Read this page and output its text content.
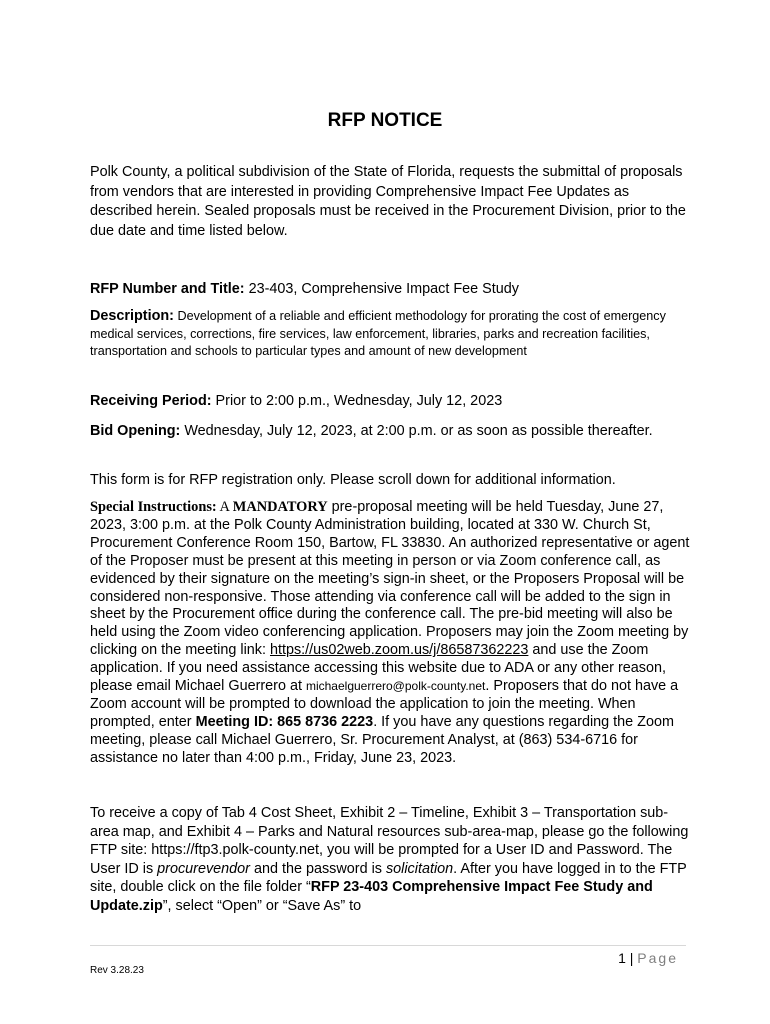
RFP NOTICE
Polk County, a political subdivision of the State of Florida, requests the submittal of proposals from vendors that are interested in providing Comprehensive Impact Fee Updates as described herein. Sealed proposals must be received in the Procurement Division, prior to the due date and time listed below.
RFP Number and Title: 23-403, Comprehensive Impact Fee Study
Description: Development of a reliable and efficient methodology for prorating the cost of emergency medical services, corrections, fire services, law enforcement, libraries, parks and recreation facilities, transportation and schools to particular types and amount of new development
Receiving Period: Prior to 2:00 p.m., Wednesday, July 12, 2023
Bid Opening: Wednesday, July 12, 2023, at 2:00 p.m. or as soon as possible thereafter.
This form is for RFP registration only. Please scroll down for additional information.
Special Instructions: A MANDATORY pre-proposal meeting will be held Tuesday, June 27, 2023, 3:00 p.m. at the Polk County Administration building, located at 330 W. Church St, Procurement Conference Room 150, Bartow, FL 33830. An authorized representative or agent of the Proposer must be present at this meeting in person or via Zoom conference call, as evidenced by their signature on the meeting’s sign-in sheet, or the Proposers Proposal will be considered non-responsive. Those attending via conference call will be added to the sign in sheet by the Procurement office during the conference call. The pre-bid meeting will also be held using the Zoom video conferencing application. Proposers may join the Zoom meeting by clicking on the meeting link: https://us02web.zoom.us/j/86587362223 and use the Zoom application. If you need assistance accessing this website due to ADA or any other reason, please email Michael Guerrero at michaelguerrero@polk-county.net. Proposers that do not have a Zoom account will be prompted to download the application to join the meeting. When prompted, enter Meeting ID: 865 8736 2223. If you have any questions regarding the Zoom meeting, please call Michael Guerrero, Sr. Procurement Analyst, at (863) 534-6716 for assistance no later than 4:00 p.m., Friday, June 23, 2023.
To receive a copy of Tab 4 Cost Sheet, Exhibit 2 – Timeline, Exhibit 3 – Transportation sub-area map, and Exhibit 4 – Parks and Natural resources sub-area-map, please go the following FTP site: https://ftp3.polk-county.net, you will be prompted for a User ID and Password. The User ID is procurevendor and the password is solicitation. After you have logged in to the FTP site, double click on the file folder “RFP 23-403 Comprehensive Impact Fee Study and Update.zip”, select “Open” or “Save As” to
1 | Page
Rev 3.28.23
